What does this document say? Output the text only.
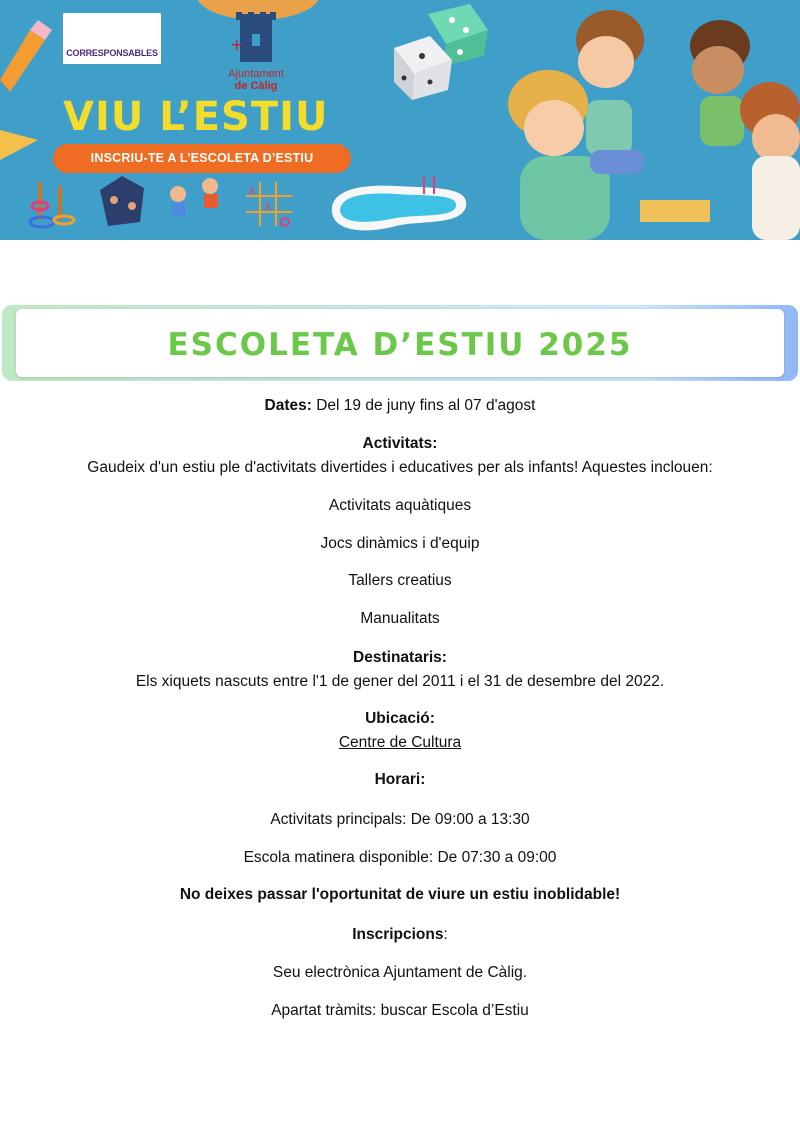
+
x
x
CORRESPONSABLES
Ajuntament
de Càlig
VIU L’ESTIU
INSCRIU-TE A L’ESCOLETA D’ESTIU
ESCOLETA D’ESTIU 2025
Dates: Del 19 de juny fins al 07 d'agost
Activitats:
Gaudeix d'un estiu ple d'activitats divertides i educatives per als infants! Aquestes inclouen:
Activitats aquàtiques
Jocs dinàmics i d'equip
Tallers creatius
Manualitats
Destinataris:
Els xiquets nascuts entre l'1 de gener del 2011 i el 31 de desembre del 2022.
Ubicació:
Centre de Cultura
Horari:
Activitats principals: De 09:00 a 13:30
Escola matinera disponible: De 07:30 a 09:00
No deixes passar l'oportunitat de viure un estiu inoblidable!
Inscripcions:
Seu electrònica Ajuntament de Càlig.
Apartat tràmits: buscar Escola d’Estiu
